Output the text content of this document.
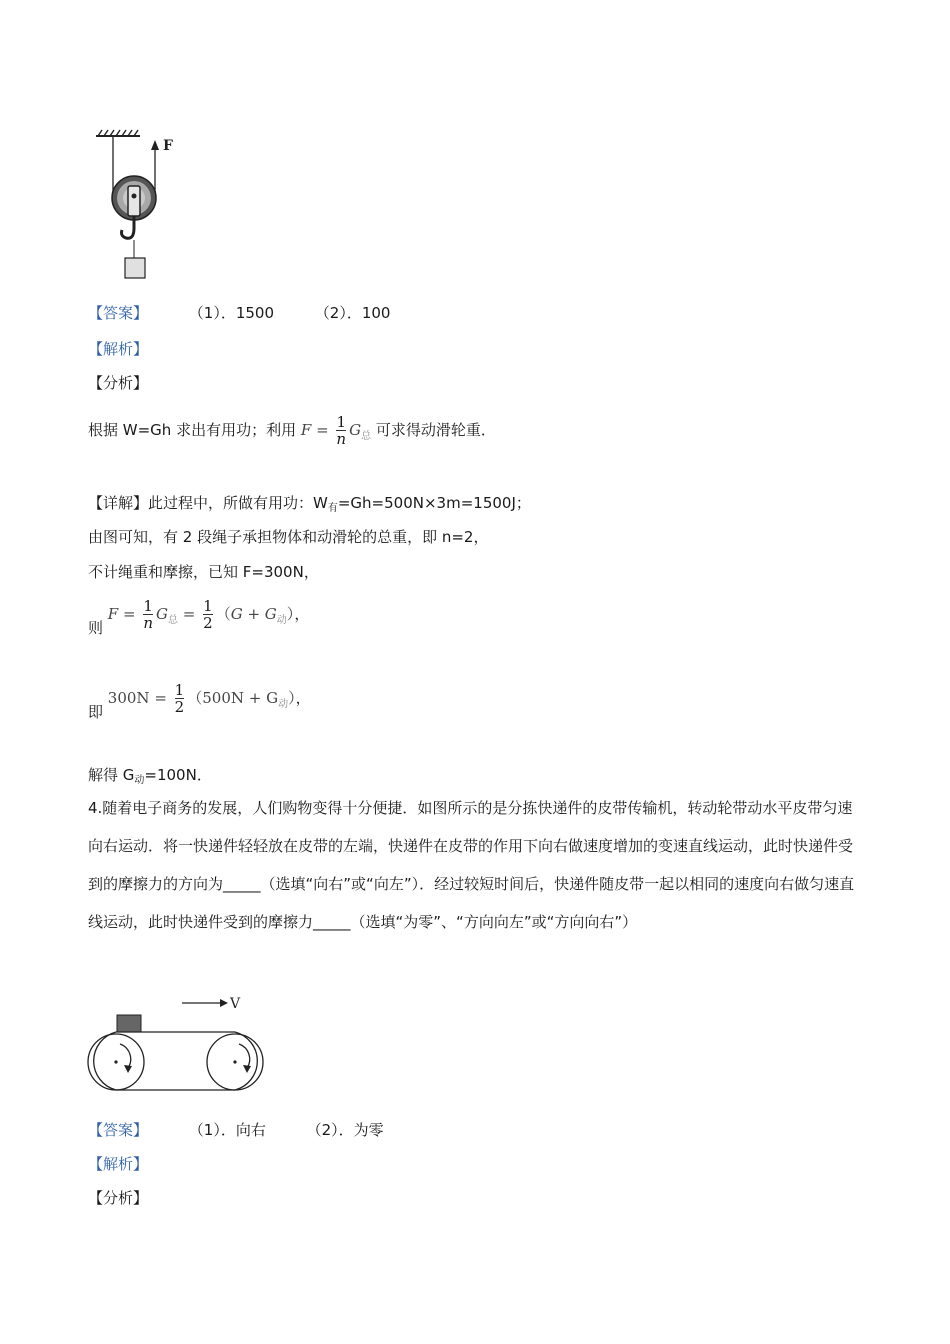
F
【答案】	（1）．1500	（2）．100
【解析】
【分析】
根据 W=Gh 求出有用功；利用 $F = \frac{1}{n} G_总$ 可求得动滑轮重．
【详解】此过程中，所做有用功：$W_有=Gh=500N\times 3m=1500J$；
由图可知，有 2 段绳子承担物体和动滑轮的总重，即 n=2，
不计绳重和摩擦，已知 F=300N，
则 $F = \frac{1}{n} G_总 = \frac{1}{2} (G + G_动)$，
即 $300N = \frac{1}{2} (500N + G_动)$，
解得 $G_动=100N$．
4.随着电子商务的发展，人们购物变得十分便捷．如图所示的是分拣快递件的皮带传输机，转动轮带动水平皮带匀速向右运动．将一快递件轻轻放在皮带的左端，快递件在皮带的作用下向右做速度增加的变速直线运动，此时快递件受到的摩擦力的方向为_____（选填“向右”或“向左”）．经过较短时间后，快递件随皮带一起以相同的速度向右做匀速直线运动，此时快递件受到的摩擦力_____（选填“为零”、“方向向左”或“方向向右”）
V
【答案】	（1）．向右	（2）．为零
【解析】
【分析】
